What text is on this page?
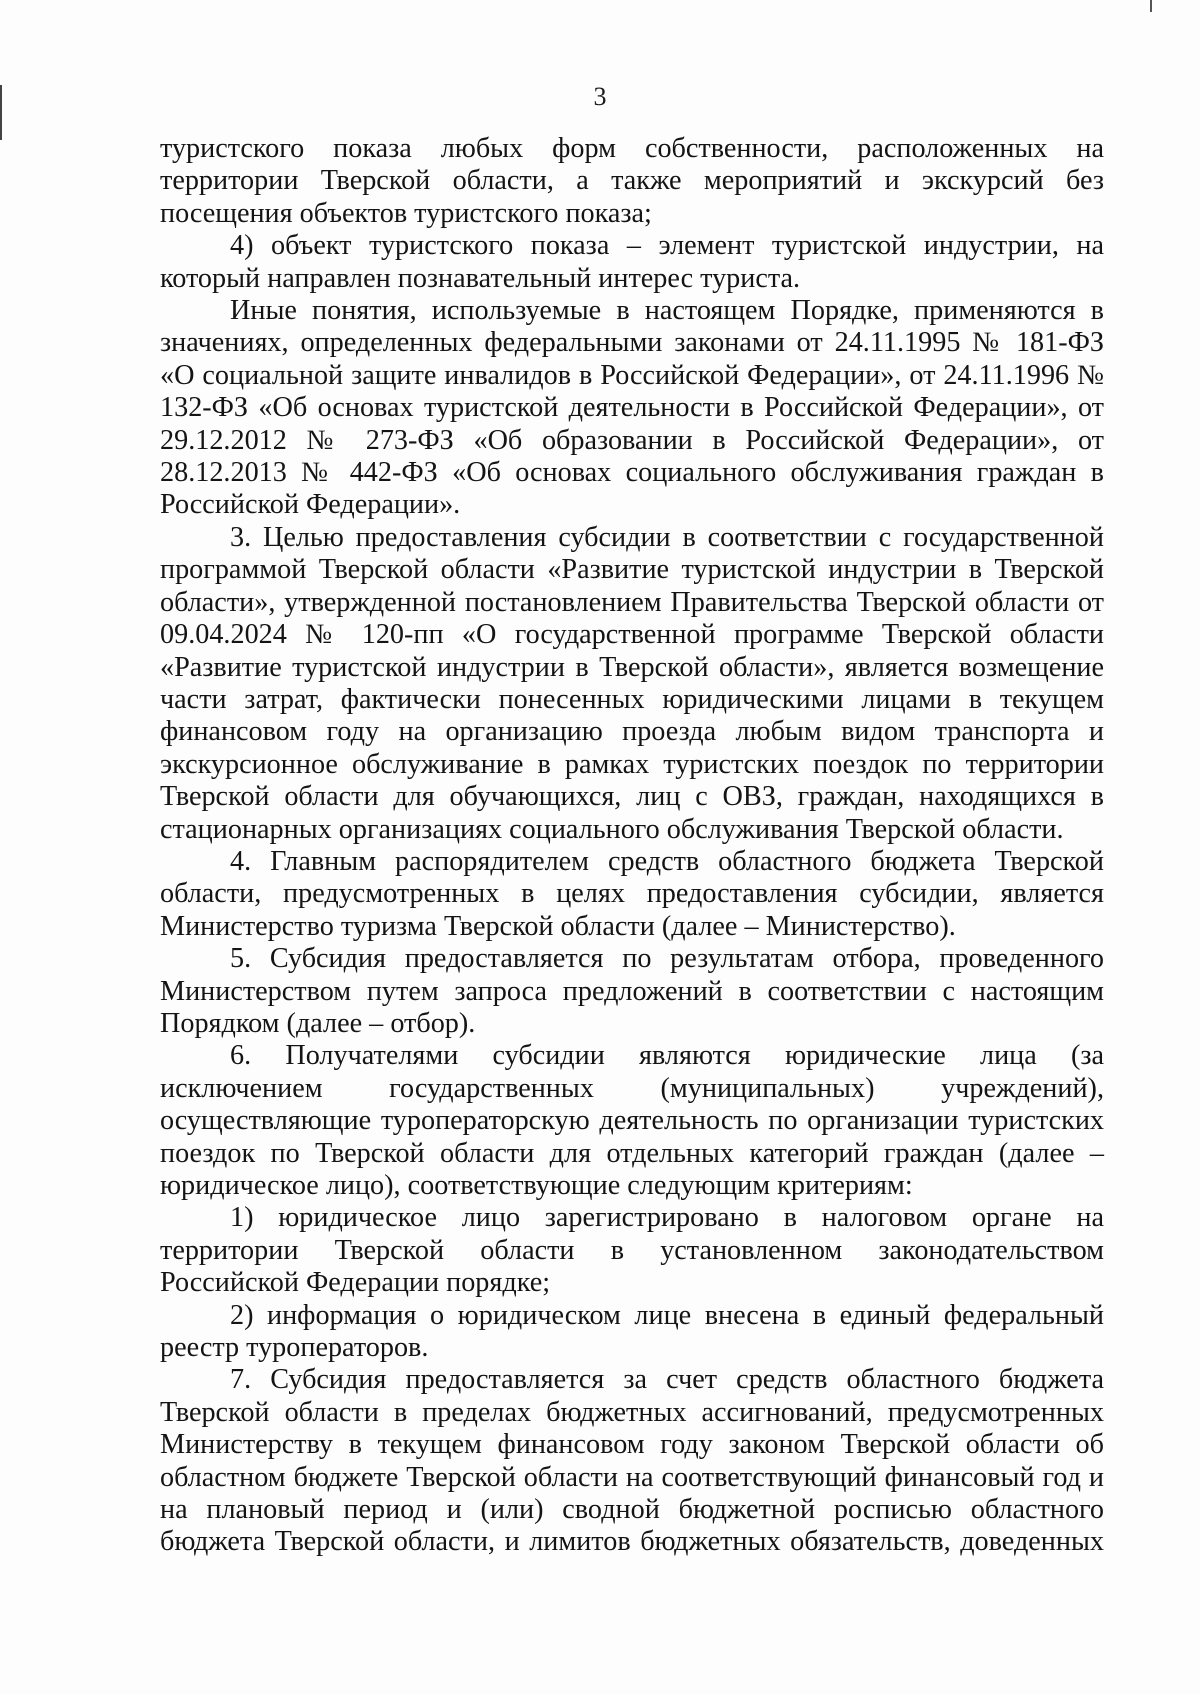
3

туристского показа любых форм собственности, расположенных на территории Тверской области, а также мероприятий и экскурсий без посещения объектов туристского показа;

4) объект туристского показа – элемент туристской индустрии, на который направлен познавательный интерес туриста.

Иные понятия, используемые в настоящем Порядке, применяются в значениях, определенных федеральными законами от 24.11.1995 № 181-ФЗ «О социальной защите инвалидов в Российской Федерации», от 24.11.1996 № 132-ФЗ «Об основах туристской деятельности в Российской Федерации», от 29.12.2012 № 273-ФЗ «Об образовании в Российской Федерации», от 28.12.2013 № 442-ФЗ «Об основах социального обслуживания граждан в Российской Федерации».

3. Целью предоставления субсидии в соответствии с государственной программой Тверской области «Развитие туристской индустрии в Тверской области», утвержденной постановлением Правительства Тверской области от 09.04.2024 № 120-пп «О государственной программе Тверской области «Развитие туристской индустрии в Тверской области», является возмещение части затрат, фактически понесенных юридическими лицами в текущем финансовом году на организацию проезда любым видом транспорта и экскурсионное обслуживание в рамках туристских поездок по территории Тверской области для обучающихся, лиц с ОВЗ, граждан, находящихся в стационарных организациях социального обслуживания Тверской области.

4. Главным распорядителем средств областного бюджета Тверской области, предусмотренных в целях предоставления субсидии, является Министерство туризма Тверской области (далее – Министерство).

5. Субсидия предоставляется по результатам отбора, проведенного Министерством путем запроса предложений в соответствии с настоящим Порядком (далее – отбор).

6. Получателями субсидии являются юридические лица (за исключением государственных (муниципальных) учреждений), осуществляющие туроператорскую деятельность по организации туристских поездок по Тверской области для отдельных категорий граждан (далее – юридическое лицо), соответствующие следующим критериям:

1) юридическое лицо зарегистрировано в налоговом органе на территории Тверской области в установленном законодательством Российской Федерации порядке;

2) информация о юридическом лице внесена в единый федеральный реестр туроператоров.

7. Субсидия предоставляется за счет средств областного бюджета Тверской области в пределах бюджетных ассигнований, предусмотренных Министерству в текущем финансовом году законом Тверской области об областном бюджете Тверской области на соответствующий финансовый год и на плановый период и (или) сводной бюджетной росписью областного бюджета Тверской области, и лимитов бюджетных обязательств, доведенных
